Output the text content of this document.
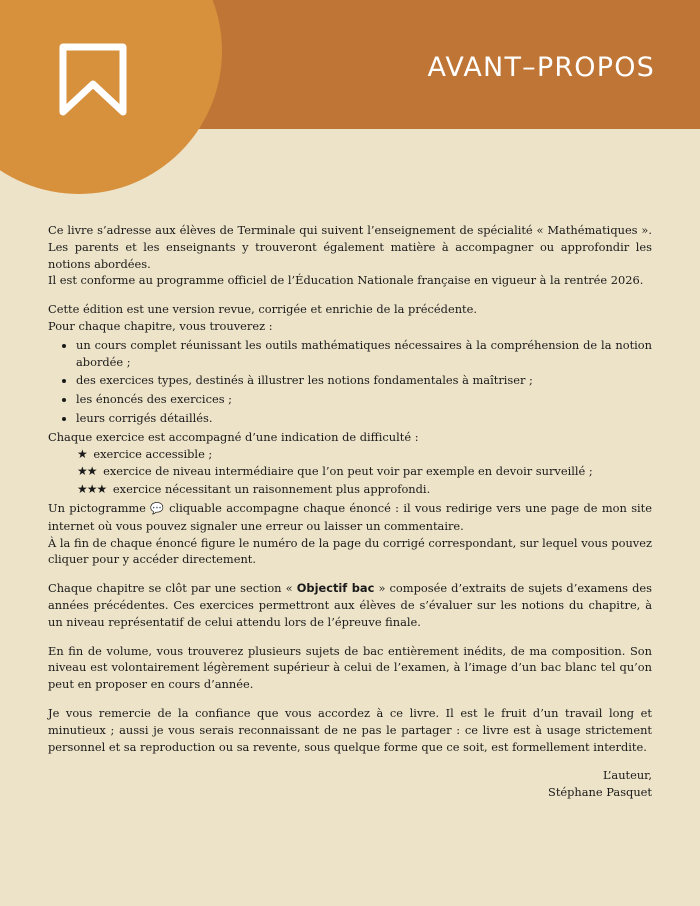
AVANT–PROPOS

Ce livre s’adresse aux élèves de Terminale qui suivent l’enseignement de spécialité « Mathématiques ». Les parents et les enseignants y trouveront également matière à accompagner ou approfondir les notions abordées.

Il est conforme au programme officiel de l’Éducation Nationale française en vigueur à la rentrée 2026.

Cette édition est une version revue, corrigée et enrichie de la précédente.

Pour chaque chapitre, vous trouverez :

• un cours complet réunissant les outils mathématiques nécessaires à la compréhension de la notion abordée ;
• des exercices types, destinés à illustrer les notions fondamentales à maîtriser ;
• les énoncés des exercices ;
• leurs corrigés détaillés.

Chaque exercice est accompagné d’une indication de difficulté :

★ exercice accessible ;
★★ exercice de niveau intermédiaire que l’on peut voir par exemple en devoir surveillé ;
★★★ exercice nécessitant un raisonnement plus approfondi.

Un pictogramme 💬 cliquable accompagne chaque énoncé : il vous redirige vers une page de mon site internet où vous pouvez signaler une erreur ou laisser un commentaire.

À la fin de chaque énoncé figure le numéro de la page du corrigé correspondant, sur lequel vous pouvez cliquer pour y accéder directement.

Chaque chapitre se clôt par une section « Objectif bac » composée d’extraits de sujets d’examens des années précédentes. Ces exercices permettront aux élèves de s’évaluer sur les notions du chapitre, à un niveau représentatif de celui attendu lors de l’épreuve finale.

En fin de volume, vous trouverez plusieurs sujets de bac entièrement inédits, de ma composition. Son niveau est volontairement légèrement supérieur à celui de l’examen, à l’image d’un bac blanc tel qu’on peut en proposer en cours d’année.

Je vous remercie de la confiance que vous accordez à ce livre. Il est le fruit d’un travail long et minutieux ; aussi je vous serais reconnaissant de ne pas le partager : ce livre est à usage strictement personnel et sa reproduction ou sa revente, sous quelque forme que ce soit, est formellement interdite.

L’auteur,
Stéphane Pasquet
